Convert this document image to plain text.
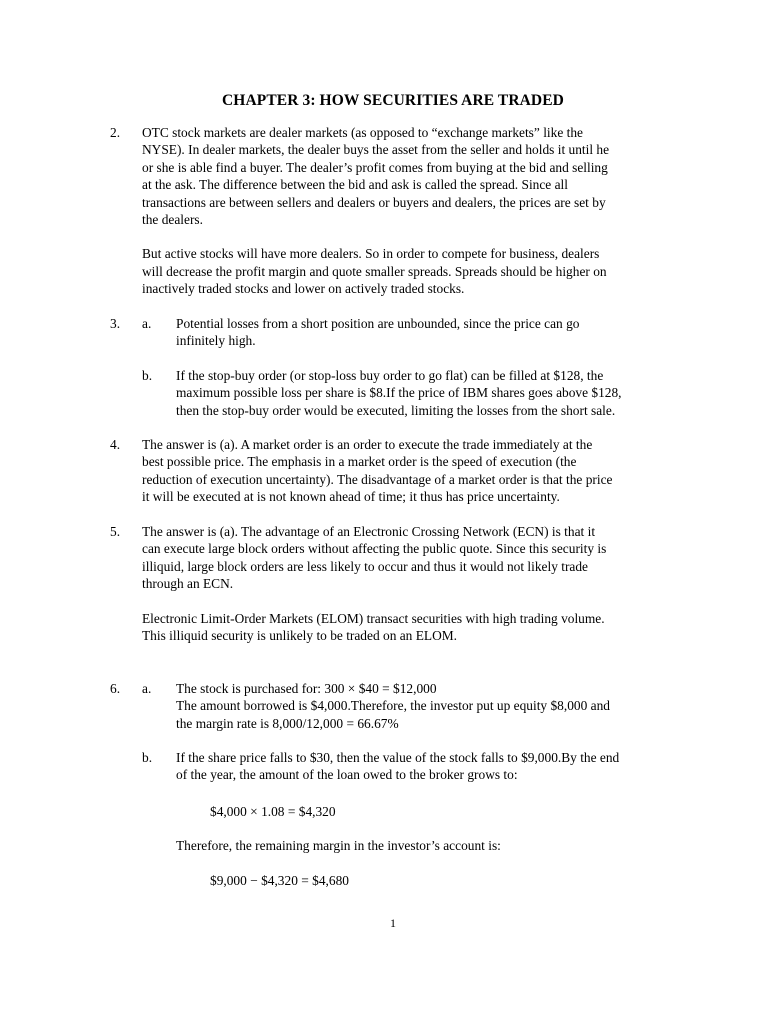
CHAPTER 3: HOW SECURITIES ARE TRADED
2.	OTC stock markets are dealer markets (as opposed to “exchange markets” like the
NYSE). In dealer markets, the dealer buys the asset from the seller and holds it until he
or she is able find a buyer. The dealer’s profit comes from buying at the bid and selling
at the ask. The difference between the bid and ask is called the spread. Since all
transactions are between sellers and dealers or buyers and dealers, the prices are set by
the dealers.

But active stocks will have more dealers. So in order to compete for business, dealers
will decrease the profit margin and quote smaller spreads. Spreads should be higher on
inactively traded stocks and lower on actively traded stocks.

3.	a.	Potential losses from a short position are unbounded, since the price can go
infinitely high.

b.	If the stop-buy order (or stop-loss buy order to go flat) can be filled at $128, the
maximum possible loss per share is $8.If the price of IBM shares goes above $128,
then the stop-buy order would be executed, limiting the losses from the short sale.

4.	The answer is (a). A market order is an order to execute the trade immediately at the
best possible price. The emphasis in a market order is the speed of execution (the
reduction of execution uncertainty). The disadvantage of a market order is that the price
it will be executed at is not known ahead of time; it thus has price uncertainty.

5.	The answer is (a). The advantage of an Electronic Crossing Network (ECN) is that it
can execute large block orders without affecting the public quote. Since this security is
illiquid, large block orders are less likely to occur and thus it would not likely trade
through an ECN.

Electronic Limit-Order Markets (ELOM) transact securities with high trading volume.
This illiquid security is unlikely to be traded on an ELOM.

6.	a.	The stock is purchased for: 300 × $40 = $12,000
The amount borrowed is $4,000.Therefore, the investor put up equity $8,000 and
the margin rate is 8,000/12,000 = 66.67%

b.	If the share price falls to $30, then the value of the stock falls to $9,000.By the end
of the year, the amount of the loan owed to the broker grows to:

$4,000 × 1.08 = $4,320
Therefore, the remaining margin in the investor’s account is:
$9,000 − $4,320 = $4,680
1
